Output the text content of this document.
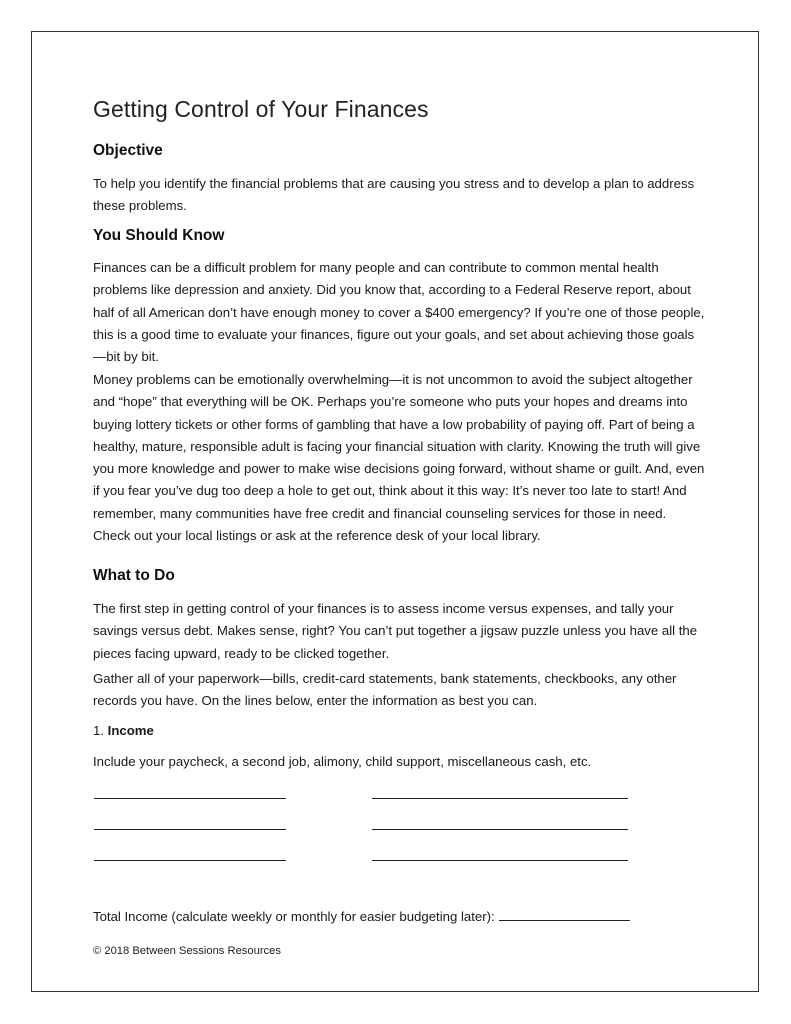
Getting Control of Your Finances
Objective

To help you identify the financial problems that are causing you stress and to develop a plan to address these problems.

You Should Know

Finances can be a difficult problem for many people and can contribute to common mental health problems like depression and anxiety. Did you know that, according to a Federal Reserve report, about half of all American don’t have enough money to cover a $400 emergency? If you’re one of those people, this is a good time to evaluate your finances, figure out your goals, and set about achieving those goals—bit by bit.

Money problems can be emotionally overwhelming—it is not uncommon to avoid the subject altogether and “hope” that everything will be OK. Perhaps you’re someone who puts your hopes and dreams into buying lottery tickets or other forms of gambling that have a low probability of paying off. Part of being a healthy, mature, responsible adult is facing your financial situation with clarity. Knowing the truth will give you more knowledge and power to make wise decisions going forward, without shame or guilt. And, even if you fear you’ve dug too deep a hole to get out, think about it this way: It’s never too late to start! And remember, many communities have free credit and financial counseling services for those in need. Check out your local listings or ask at the reference desk of your local library.

What to Do

The first step in getting control of your finances is to assess income versus expenses, and tally your savings versus debt. Makes sense, right? You can’t put together a jigsaw puzzle unless you have all the pieces facing upward, ready to be clicked together.

Gather all of your paperwork—bills, credit-card statements, bank statements, checkbooks, any other records you have. On the lines below, enter the information as best you can.

1. Income

Include your paycheck, a second job, alimony, child support, miscellaneous cash, etc.

Total Income (calculate weekly or monthly for easier budgeting later):

© 2018 Between Sessions Resources
